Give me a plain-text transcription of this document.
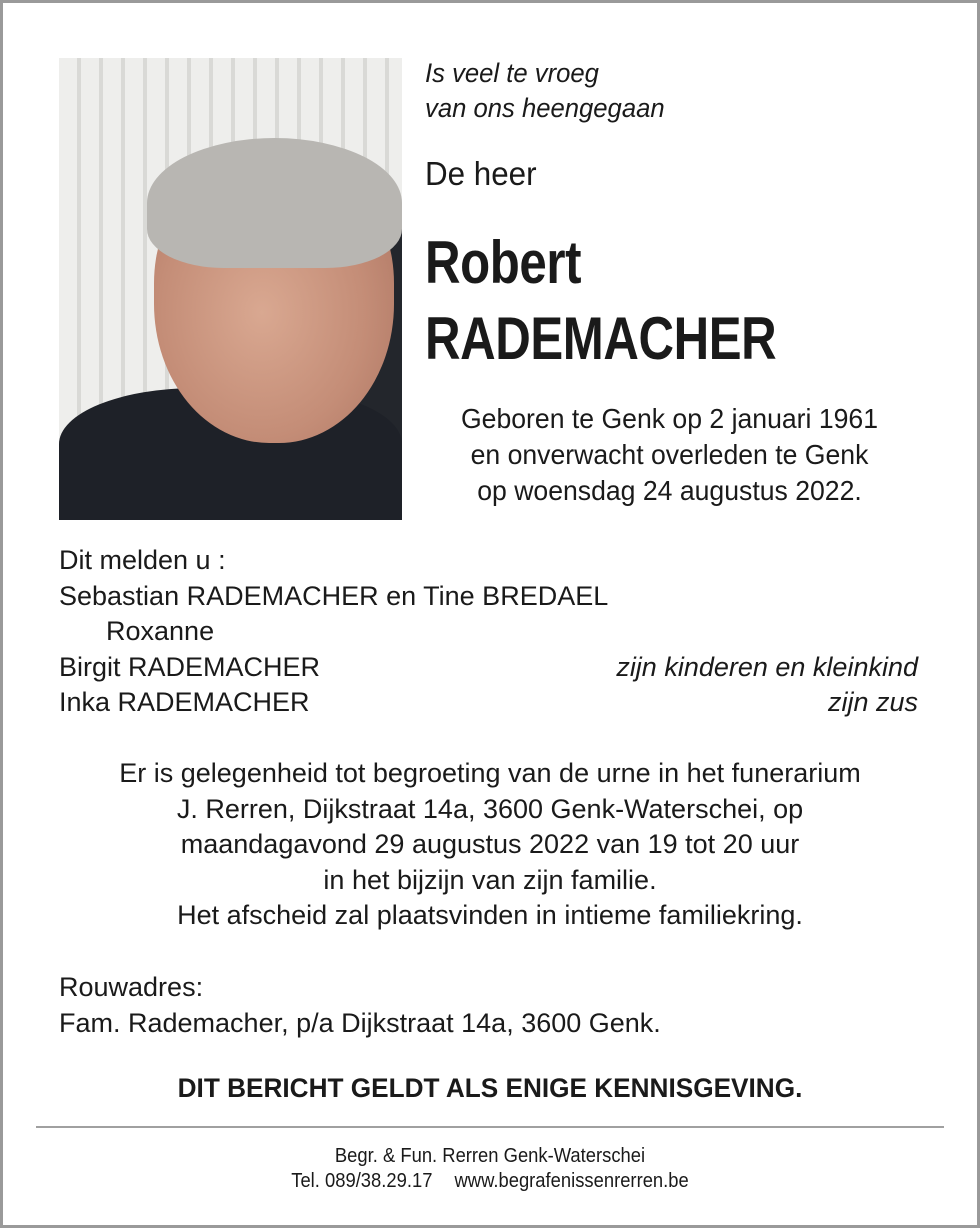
Is veel te vroeg
van ons heengegaan
De heer
Robert
RADEMACHER
Geboren te Genk op 2 januari 1961
en onverwacht overleden te Genk
op woensdag 24 augustus 2022.
Dit melden u :
Sebastian RADEMACHER en Tine BREDAEL
Roxanne
Birgit RADEMACHER	zijn kinderen en kleinkind
Inka RADEMACHER	zijn zus
Er is gelegenheid tot begroeting van de urne in het funerarium
J. Rerren, Dijkstraat 14a, 3600 Genk-Waterschei, op
maandagavond 29 augustus 2022 van 19 tot 20 uur
in het bijzijn van zijn familie.
Het afscheid zal plaatsvinden in intieme familiekring.
Rouwadres:
Fam. Rademacher, p/a Dijkstraat 14a, 3600 Genk.
DIT BERICHT GELDT ALS ENIGE KENNISGEVING.
Begr. & Fun. Rerren Genk-Waterschei
Tel. 089/38.29.17 www.begrafenissenrerren.be
